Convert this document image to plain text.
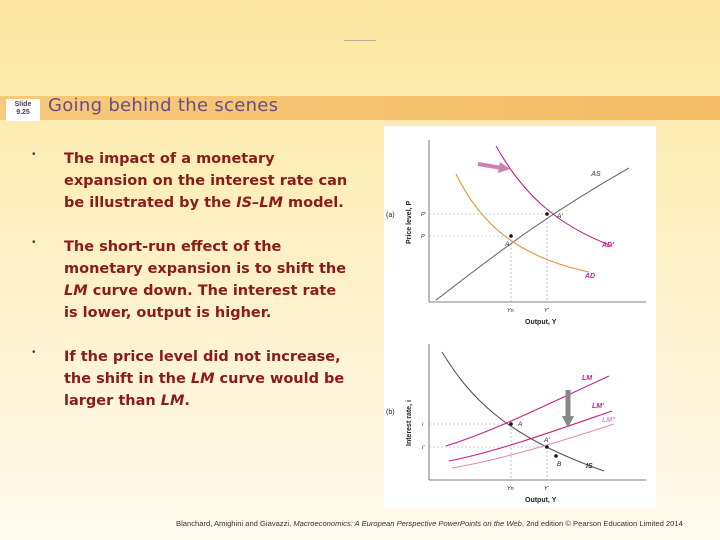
Slide
9.25	Going behind the scenes
• The impact of a monetary expansion on the interest rate can be illustrated by the IS–LM model.

• The short-run effect of the monetary expansion is to shift the LM curve down. The interest rate is lower, output is higher.

• If the price level did not increase, the shift in the LM curve would be larger than LM.

(a) Price level, P
A
A'
AS
AD'
AD
P'
P
Yn	Y'
Output, Y
(b) Interest rate, i	A
A'
B
LM
LM'
LM"
IS
i
i'
Yn	Y'
Output, Y
Blanchard, Amighini and Giavazzi, Macroeconomics: A European Perspective PowerPoints on the Web, 2nd edition © Pearson Education Limited 2014
